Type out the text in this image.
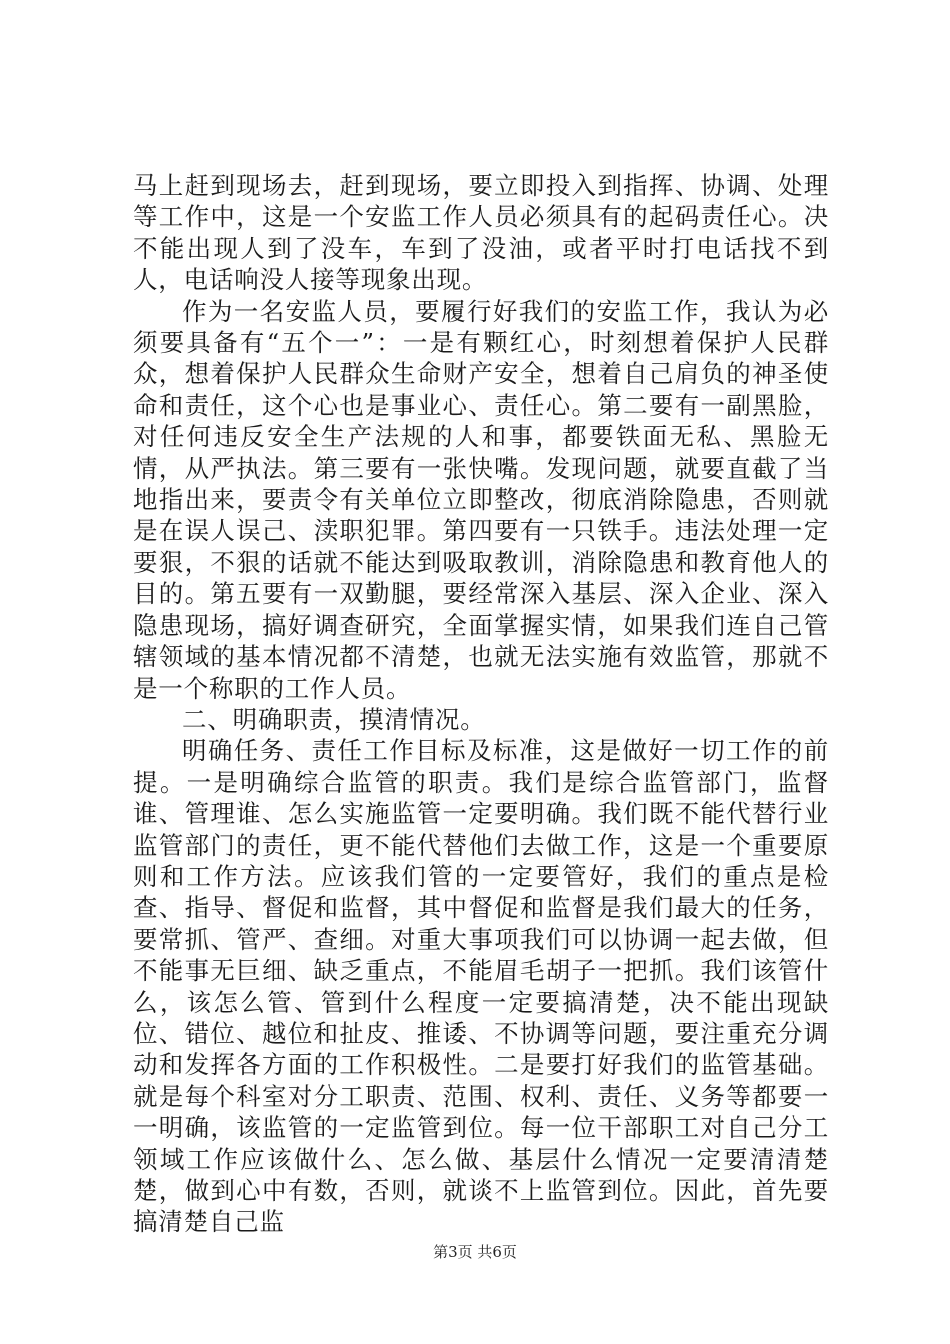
马上赶到现场去，赶到现场，要立即投入到指挥、协调、处理等工作中，这是一个安监工作人员必须具有的起码责任心。决不能出现人到了没车，车到了没油，或者平时打电话找不到人，电话响没人接等现象出现。

作为一名安监人员，要履行好我们的安监工作，我认为必须要具备有“五个一”：一是有颗红心，时刻想着保护人民群众，想着保护人民群众生命财产安全，想着自己肩负的神圣使命和责任，这个心也是事业心、责任心。第二要有一副黑脸，对任何违反安全生产法规的人和事，都要铁面无私、黑脸无情，从严执法。第三要有一张快嘴。发现问题，就要直截了当地指出来，要责令有关单位立即整改，彻底消除隐患，否则就是在误人误己、渎职犯罪。第四要有一只铁手。违法处理一定要狠，不狠的话就不能达到吸取教训，消除隐患和教育他人的目的。第五要有一双勤腿，要经常深入基层、深入企业、深入隐患现场，搞好调查研究，全面掌握实情，如果我们连自己管辖领域的基本情况都不清楚，也就无法实施有效监管，那就不是一个称职的工作人员。

二、明确职责，摸清情况。

明确任务、责任工作目标及标准，这是做好一切工作的前提。一是明确综合监管的职责。我们是综合监管部门，监督谁、管理谁、怎么实施监管一定要明确。我们既不能代替行业监管部门的责任，更不能代替他们去做工作，这是一个重要原则和工作方法。应该我们管的一定要管好，我们的重点是检查、指导、督促和监督，其中督促和监督是我们最大的任务，要常抓、管严、查细。对重大事项我们可以协调一起去做，但不能事无巨细、缺乏重点，不能眉毛胡子一把抓。我们该管什么，该怎么管、管到什么程度一定要搞清楚，决不能出现缺位、错位、越位和扯皮、推诿、不协调等问题，要注重充分调动和发挥各方面的工作积极性。二是要打好我们的监管基础。就是每个科室对分工职责、范围、权利、责任、义务等都要一一明确，该监管的一定监管到位。每一位干部职工对自己分工领域工作应该做什么、怎么做、基层什么情况一定要清清楚楚，做到心中有数，否则，就谈不上监管到位。因此，首先要搞清楚自己监

第3页 共6页
